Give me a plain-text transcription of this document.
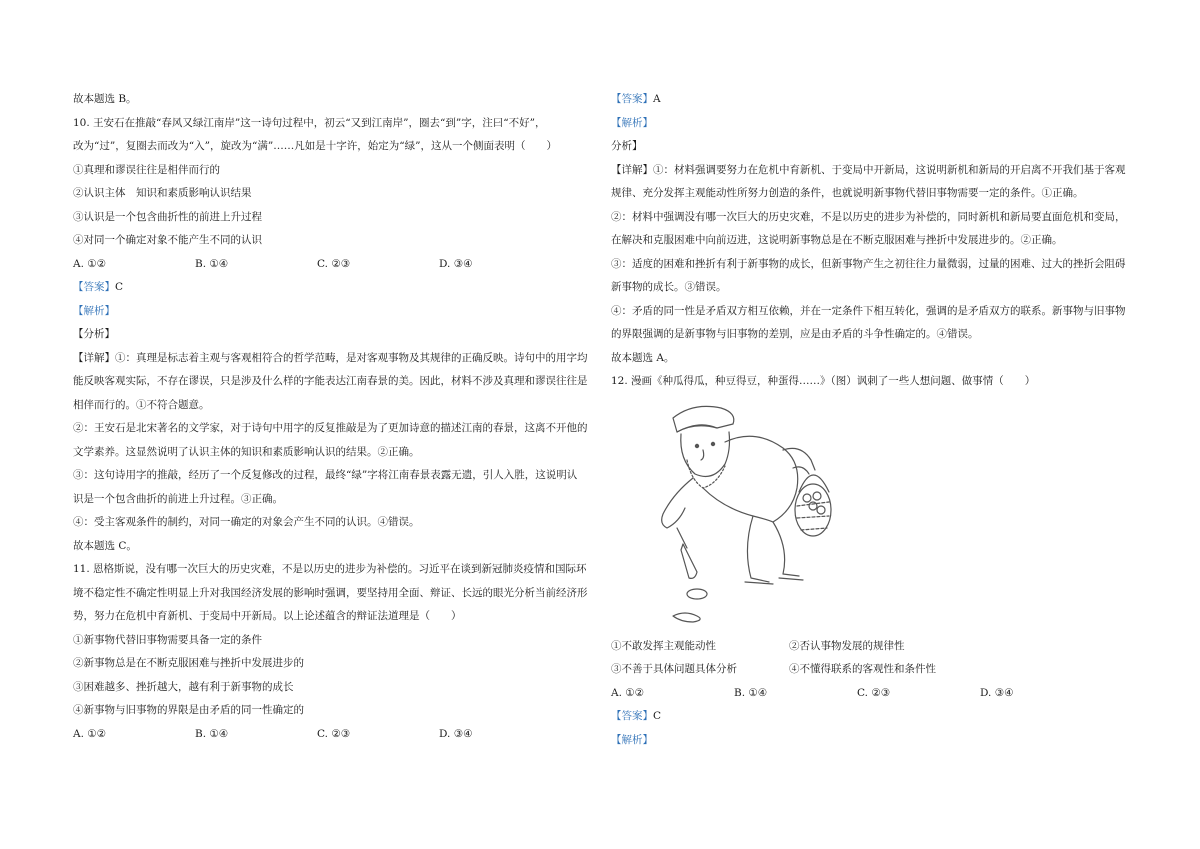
故本题选 B。
10. 王安石在推敲“春风又绿江南岸”这一诗句过程中，初云“又到江南岸”，圈去“到”字，注曰“不好”，
改为“过”，复圈去而改为“入”，旋改为“满”……凡如是十字许，始定为“绿”，这从一个侧面表明（　　）
①真理和谬误往往是相伴而行的
②认识主体　知识和素质影响认识结果
③认识是一个包含曲折性的前进上升过程
④对同一个确定对象不能产生不同的认识
A. ①②	B. ①④	C. ②③	D. ③④
【答案】C
【解析】
【分析】
【详解】①：真理是标志着主观与客观相符合的哲学范畴，是对客观事物及其规律的正确反映。诗句中的用字均
能反映客观实际，不存在谬误，只是涉及什么样的字能表达江南春景的美。因此，材料不涉及真理和谬误往往是
相伴而行的。①不符合题意。
②：王安石是北宋著名的文学家，对于诗句中用字的反复推敲是为了更加诗意的描述江南的春景，这离不开他的
文学素养。这显然说明了认识主体的知识和素质影响认识的结果。②正确。
③：这句诗用字的推敲，经历了一个反复修改的过程，最终“绿”字将江南春景表露无遗，引人入胜，这说明认
识是一个包含曲折的前进上升过程。③正确。
④：受主客观条件的制约，对同一确定的对象会产生不同的认识。④错误。
故本题选 C。
11. 恩格斯说，没有哪一次巨大的历史灾难，不是以历史的进步为补偿的。习近平在谈到新冠肺炎疫情和国际环
境不稳定性不确定性明显上升对我国经济发展的影响时强调，要坚持用全面、辩证、长远的眼光分析当前经济形
势，努力在危机中育新机、于变局中开新局。以上论述蕴含的辩证法道理是（　　）
①新事物代替旧事物需要具备一定的条件
②新事物总是在不断克服困难与挫折中发展进步的
③困难越多、挫折越大，越有利于新事物的成长
④新事物与旧事物的界限是由矛盾的同一性确定的
A. ①②	B. ①④	C. ②③	D. ③④
【答案】A
【解析】
分析】
【详解】①：材料强调要努力在危机中育新机、于变局中开新局，这说明新机和新局的开启离不开我们基于客观
规律、充分发挥主观能动性所努力创造的条件，也就说明新事物代替旧事物需要一定的条件。①正确。
②：材料中强调没有哪一次巨大的历史灾难，不是以历史的进步为补偿的，同时新机和新局要直面危机和变局，
在解决和克服困难中向前迈进，这说明新事物总是在不断克服困难与挫折中发展进步的。②正确。
③：适度的困难和挫折有利于新事物的成长，但新事物产生之初往往力量微弱，过量的困难、过大的挫折会阻碍
新事物的成长。③错误。
④：矛盾的同一性是矛盾双方相互依赖，并在一定条件下相互转化，强调的是矛盾双方的联系。新事物与旧事物
的界限强调的是新事物与旧事物的差别，应是由矛盾的斗争性确定的。④错误。
故本题选 A。
12. 漫画《种瓜得瓜，种豆得豆，种蛋得……》（图）讽刺了一些人想问题、做事情（　　）
①不敢发挥主观能动性	②否认事物发展的规律性
③不善于具体问题具体分析	④不懂得联系的客观性和条件性
A. ①②	B. ①④	C. ②③	D. ③④
【答案】C
【解析】
